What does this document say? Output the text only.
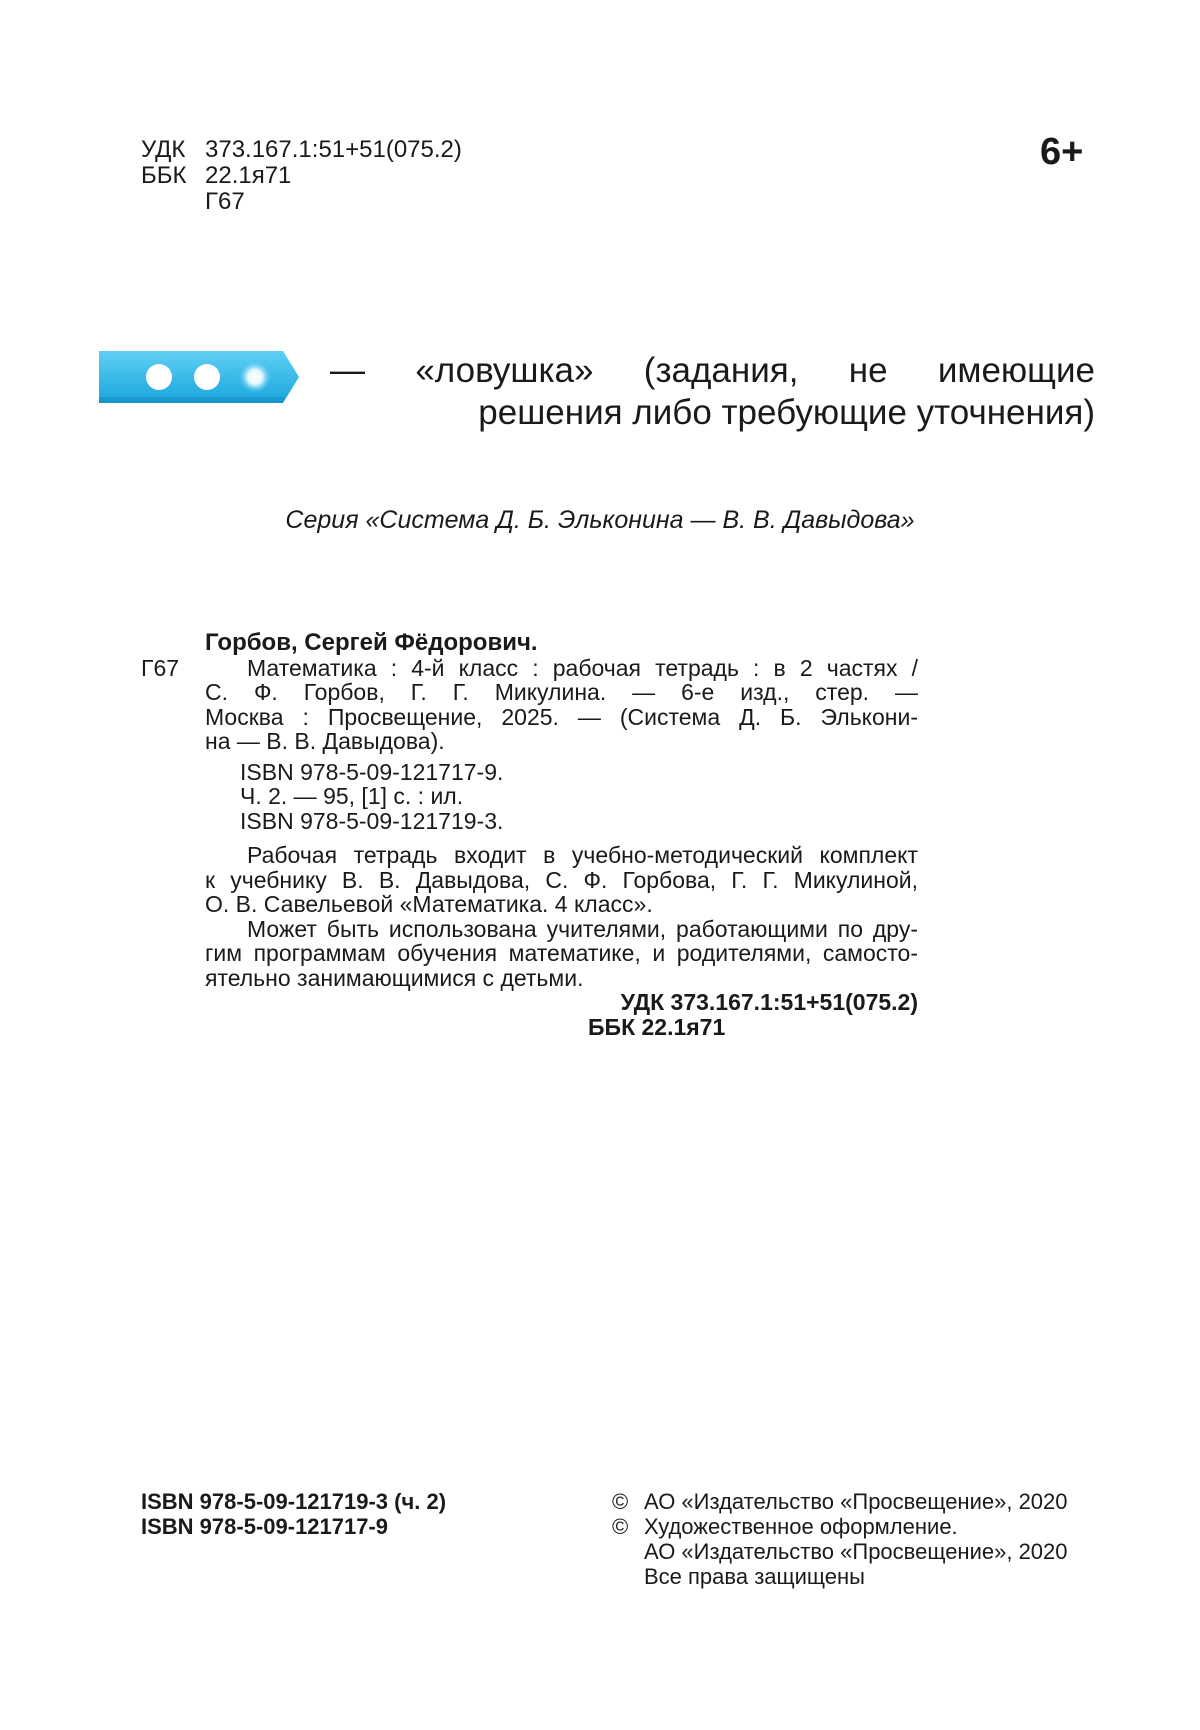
УДК 373.167.1:51+51(075.2)
ББК 22.1я71
Г67
6+
— «ловушка» (задания, не имеющие
решения либо требующие уточнения)
Серия «Система Д. Б. Эльконина — В. В. Давыдова»
Горбов, Сергей Фёдорович.
Г67	Математика : 4-й класс : рабочая тетрадь : в 2 частях /
С. Ф. Горбов, Г. Г. Микулина. — 6-е изд., стер. —
Москва : Просвещение, 2025. — (Система Д. Б. Элькони-
на — В. В. Давыдова).
ISBN 978-5-09-121717-9.
Ч. 2. — 95, [1] с. : ил.
ISBN 978-5-09-121719-3.
Рабочая тетрадь входит в учебно-методический комплект
к учебнику В. В. Давыдова, С. Ф. Горбова, Г. Г. Микулиной,
О. В. Савельевой «Математика. 4 класс».
Может быть использована учителями, работающими по дру-
гим программам обучения математике, и родителями, самосто-
ятельно занимающимися с детьми.
УДК 373.167.1:51+51(075.2)
ББК 22.1я71
ISBN 978-5-09-121719-3 (ч. 2)
ISBN 978-5-09-121717-9
© АО «Издательство «Просвещение», 2020
© Художественное оформление.
АО «Издательство «Просвещение», 2020
Все права защищены
